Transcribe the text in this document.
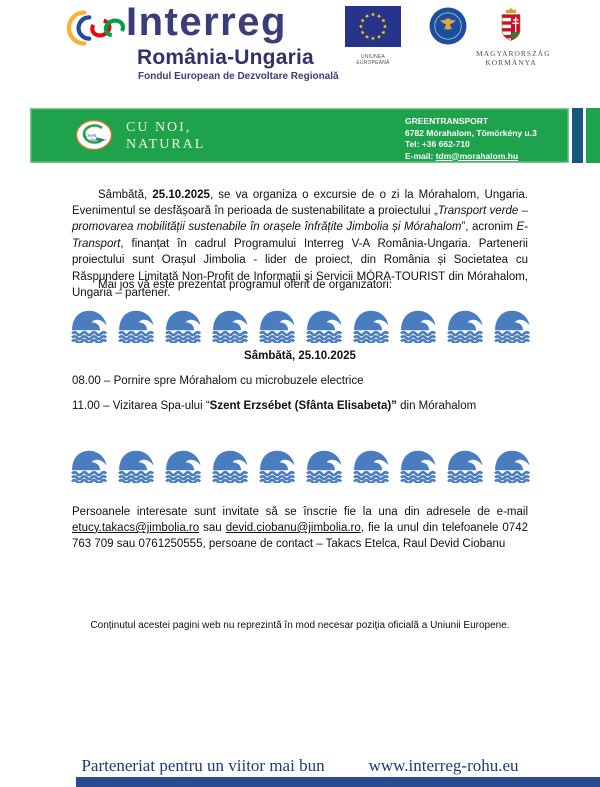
Interreg
România-Ungaria
Fondul European de Dezvoltare Regională
UNIUNEA EUROPEANĂ
MAGYARORSZÁG
KORMÁNYA
Green
Transport
CU NOI,
NATURAL
GREENTRANSPORT
6782 Mórahalom, Tömörkény u.3
Tel: +36 662-710
E-mail: tdm@morahalom.hu

Sâmbătă, 25.10.2025, se va organiza o excursie de o zi la Mórahalom, Ungaria. Evenimentul se desfășoară în perioada de sustenabilitate a proiectului „Transport verde – promovarea mobilității sustenabile în orașele înfrățite Jimbolia și Mórahalom”, acronim E-Transport, finanțat în cadrul Programului Interreg V-A România-Ungaria. Partenerii proiectului sunt Orașul Jimbolia - lider de proiect, din România și Societatea cu Răspundere Limitată Non-Profit de Informații şi Servicii MÓRA-TOURIST din Mórahalom, Ungaria – partener.

Mai jos vă este prezentat programul oferit de organizatori:
Sâmbătă, 25.10.2025
08.00 – Pornire spre Mórahalom cu microbuzele electrice
11.00 – Vizitarea Spa-ului “Szent Erzsébet (Sfânta Elisabeta)” din Mórahalom

Persoanele interesate sunt invitate să se înscrie fie la una din adresele de e-mail etucy.takacs@jimbolia.ro sau devid.ciobanu@jimbolia.ro, fie la unul din telefoanele 0742 763 709 sau 0761250555, persoane de contact – Takacs Etelca, Raul Devid Ciobanu

Conținutul acestei pagini web nu reprezintă în mod necesar poziția oficială a Uniunii Europene.
Parteneriat pentru un viitor mai bun	www.interreg-rohu.eu
